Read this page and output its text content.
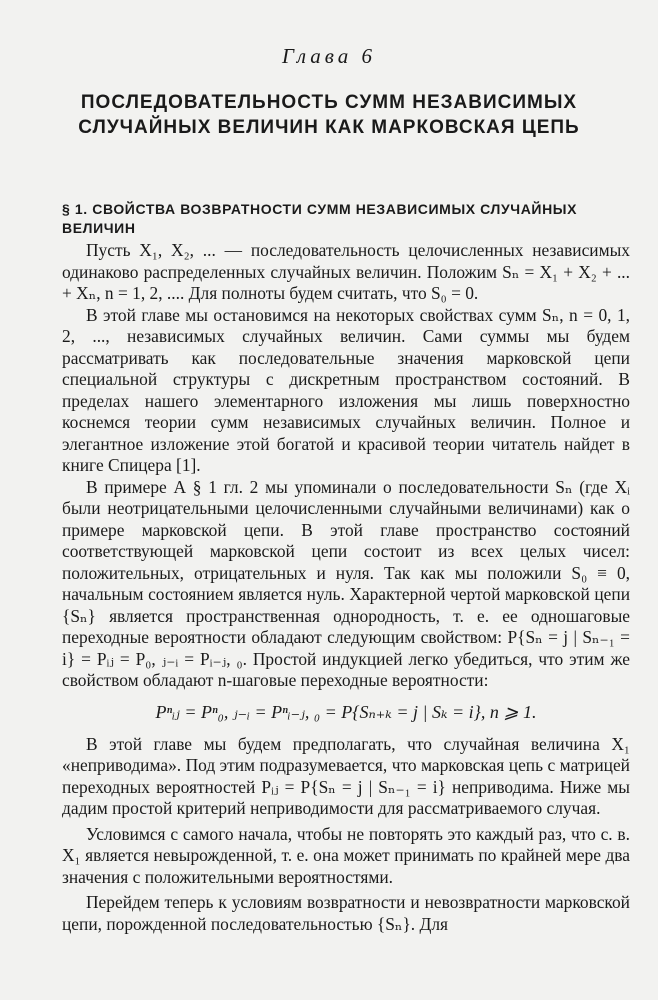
Глава 6
ПОСЛЕДОВАТЕЛЬНОСТЬ СУММ НЕЗАВИСИМЫХ
СЛУЧАЙНЫХ ВЕЛИЧИН КАК МАРКОВСКАЯ ЦЕПЬ
§ 1. СВОЙСТВА ВОЗВРАТНОСТИ СУММ НЕЗАВИСИМЫХ СЛУЧАЙНЫХ ВЕЛИЧИН

Пусть X₁, X₂, ... — последовательность целочисленных независимых одинаково распределенных случайных величин. Положим Sₙ = X₁ + X₂ + ... + Xₙ, n = 1, 2, .... Для полноты будем считать, что S₀ = 0.

В этой главе мы остановимся на некоторых свойствах сумм Sₙ, n = 0, 1, 2, ..., независимых случайных величин. Сами суммы мы будем рассматривать как последовательные значения марковской цепи специальной структуры с дискретным пространством состояний. В пределах нашего элементарного изложения мы лишь поверхностно коснемся теории сумм независимых случайных величин. Полное и элегантное изложение этой богатой и красивой теории читатель найдет в книге Спицера [1].

В примере А § 1 гл. 2 мы упоминали о последовательности Sₙ (где Xᵢ были неотрицательными целочисленными случайными величинами) как о примере марковской цепи. В этой главе пространство состояний соответствующей марковской цепи состоит из всех целых чисел: положительных, отрицательных и нуля. Так как мы положили S₀ ≡ 0, начальным состоянием является нуль. Характерной чертой марковской цепи {Sₙ} является пространственная однородность, т. е. ее одношаговые переходные вероятности обладают следующим свойством: P{Sₙ = j | Sₙ₋₁ = i} = Pᵢⱼ = P₀, ⱼ₋ᵢ = Pᵢ₋ⱼ, ₀. Простой индукцией легко убедиться, что этим же свойством обладают n-шаговые переходные вероятности:

Pⁿᵢⱼ = Pⁿ₀, ⱼ₋ᵢ = Pⁿᵢ₋ⱼ, ₀ = P{Sₙ₊ₖ = j | Sₖ = i}, n ⩾ 1.

В этой главе мы будем предполагать, что случайная величина X₁ «неприводима». Под этим подразумевается, что марковская цепь с матрицей переходных вероятностей Pᵢⱼ = P{Sₙ = j | Sₙ₋₁ = i} неприводима. Ниже мы дадим простой критерий неприводимости для рассматриваемого случая.

Условимся с самого начала, чтобы не повторять это каждый раз, что с. в. X₁ является невырожденной, т. е. она может принимать по крайней мере два значения с положительными вероятностями.

Перейдем теперь к условиям возвратности и невозвратности марковской цепи, порожденной последовательностью {Sₙ}. Для
